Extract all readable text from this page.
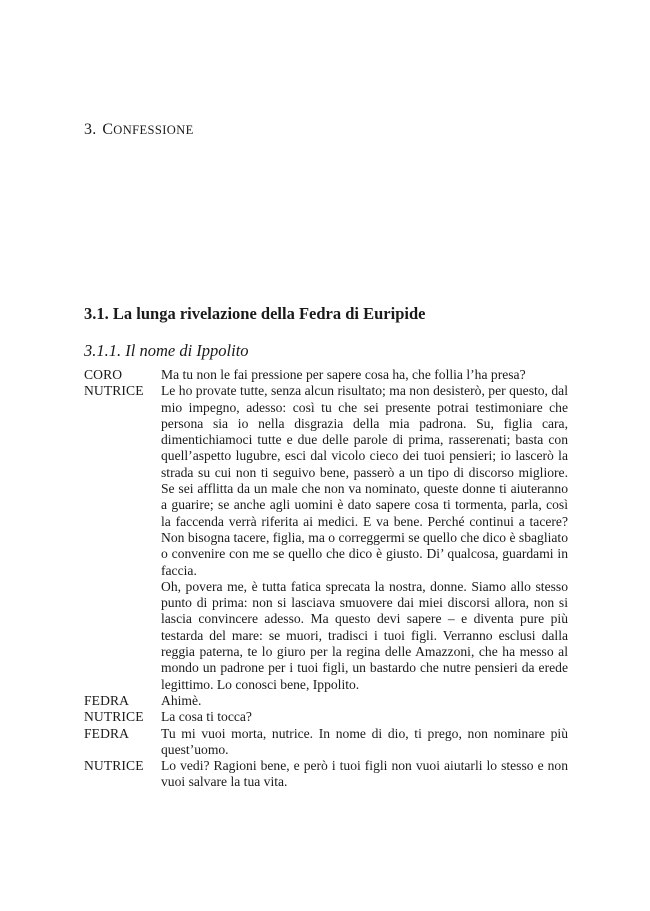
3. CONFESSIONE
3.1. La lunga rivelazione della Fedra di Euripide
3.1.1. Il nome di Ippolito
CORO	Ma tu non le fai pressione per sapere cosa ha, che follia l’ha presa?
NUTRICE	Le ho provate tutte, senza alcun risultato; ma non desisterò, per questo, dal mio impegno, adesso: così tu che sei presente potrai testimoniare che persona sia io nella disgrazia della mia padrona. Su, figlia cara, dimentichiamoci tutte e due delle parole di prima, rasserenati; basta con quell’aspetto lugubre, esci dal vicolo cieco dei tuoi pensieri; io lascerò la strada su cui non ti seguivo bene, passerò a un tipo di discorso migliore. Se sei afflitta da un male che non va nominato, queste donne ti aiuteranno a guarire; se anche agli uomini è dato sapere cosa ti tormenta, parla, così la faccenda verrà riferita ai medici. E va bene. Perché continui a tacere? Non bisogna tacere, figlia, ma o correggermi se quello che dico è sbagliato o convenire con me se quello che dico è giusto. Di’ qualcosa, guardami in faccia.
Oh, povera me, è tutta fatica sprecata la nostra, donne. Siamo allo stesso punto di prima: non si lasciava smuovere dai miei discorsi allora, non si lascia convincere adesso. Ma questo devi sapere – e diventa pure più testarda del mare: se muori, tradisci i tuoi figli. Verranno esclusi dalla reggia paterna, te lo giuro per la regina delle Amazzoni, che ha messo al mondo un padrone per i tuoi figli, un bastardo che nutre pensieri da erede legittimo. Lo conosci bene, Ippolito.
FEDRA	Ahimè.
NUTRICE	La cosa ti tocca?
FEDRA	Tu mi vuoi morta, nutrice. In nome di dio, ti prego, non nominare più quest’uomo.
NUTRICE	Lo vedi? Ragioni bene, e però i tuoi figli non vuoi aiutarli lo stesso e non vuoi salvare la tua vita.
